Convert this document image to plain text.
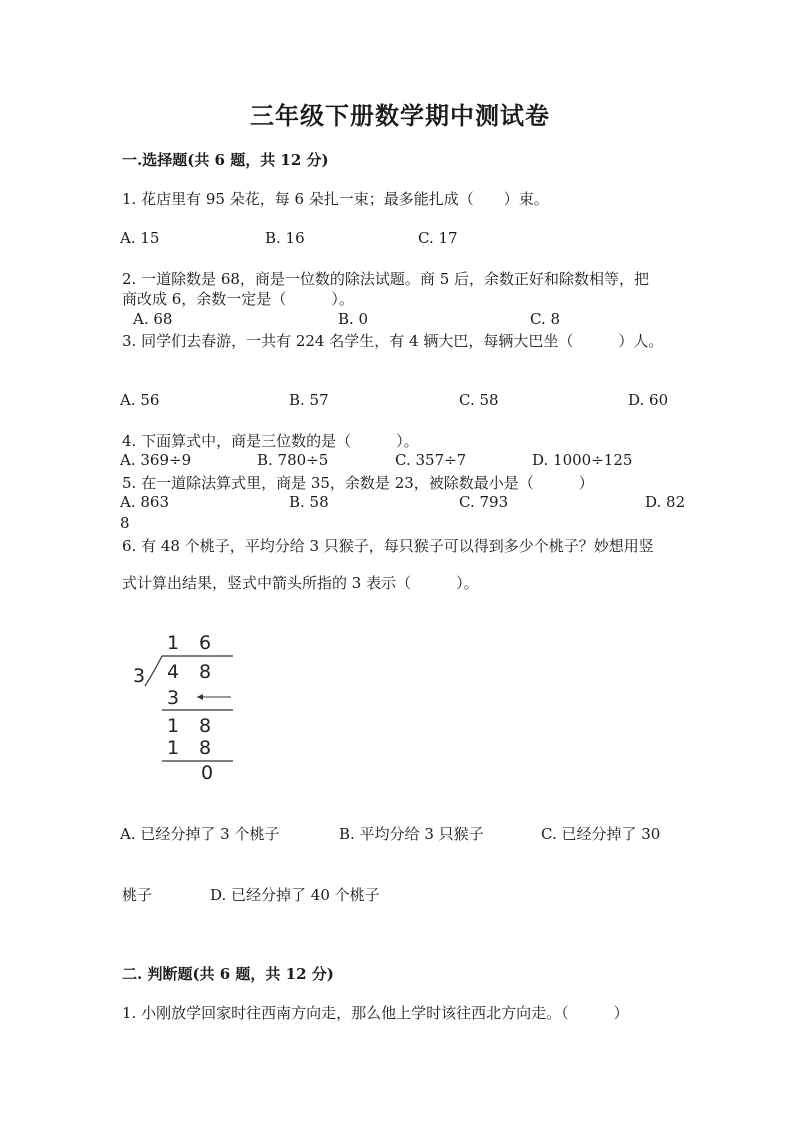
三年级下册数学期中测试卷
一.选择题(共 6 题，共 12 分)
1. 花店里有 95 朵花，每 6 朵扎一束；最多能扎成（　　）束。
A. 15	B. 16	C. 17
2. 一道除数是 68，商是一位数的除法试题。商 5 后，余数正好和除数相等，把
商改成 6，余数一定是（　　　）。
A. 68	B. 0	C. 8
3. 同学们去春游，一共有 224 名学生，有 4 辆大巴，每辆大巴坐（　　　）人。
A. 56	B. 57	C. 58	D. 60
4. 下面算式中，商是三位数的是（　　　）。
A. 369÷9	B. 780÷5	C. 357÷7	D. 1000÷125
5. 在一道除法算式里，商是 35，余数是 23，被除数最小是（　　　）
A. 863	B. 58	C. 793	D. 82
8
6. 有 48 个桃子，平均分给 3 只猴子，每只猴子可以得到多少个桃子？妙想用竖
式计算出结果，竖式中箭头所指的 3 表示（　　　）。
1 6
3 4 8
3
1 8
1 8
0
A. 已经分掉了 3 个桃子	B. 平均分给 3 只猴子	C. 已经分掉了 30
桃子	D. 已经分掉了 40 个桃子
二. 判断题(共 6 题，共 12 分)
1. 小刚放学回家时往西南方向走，那么他上学时该往西北方向走。（　　　）
